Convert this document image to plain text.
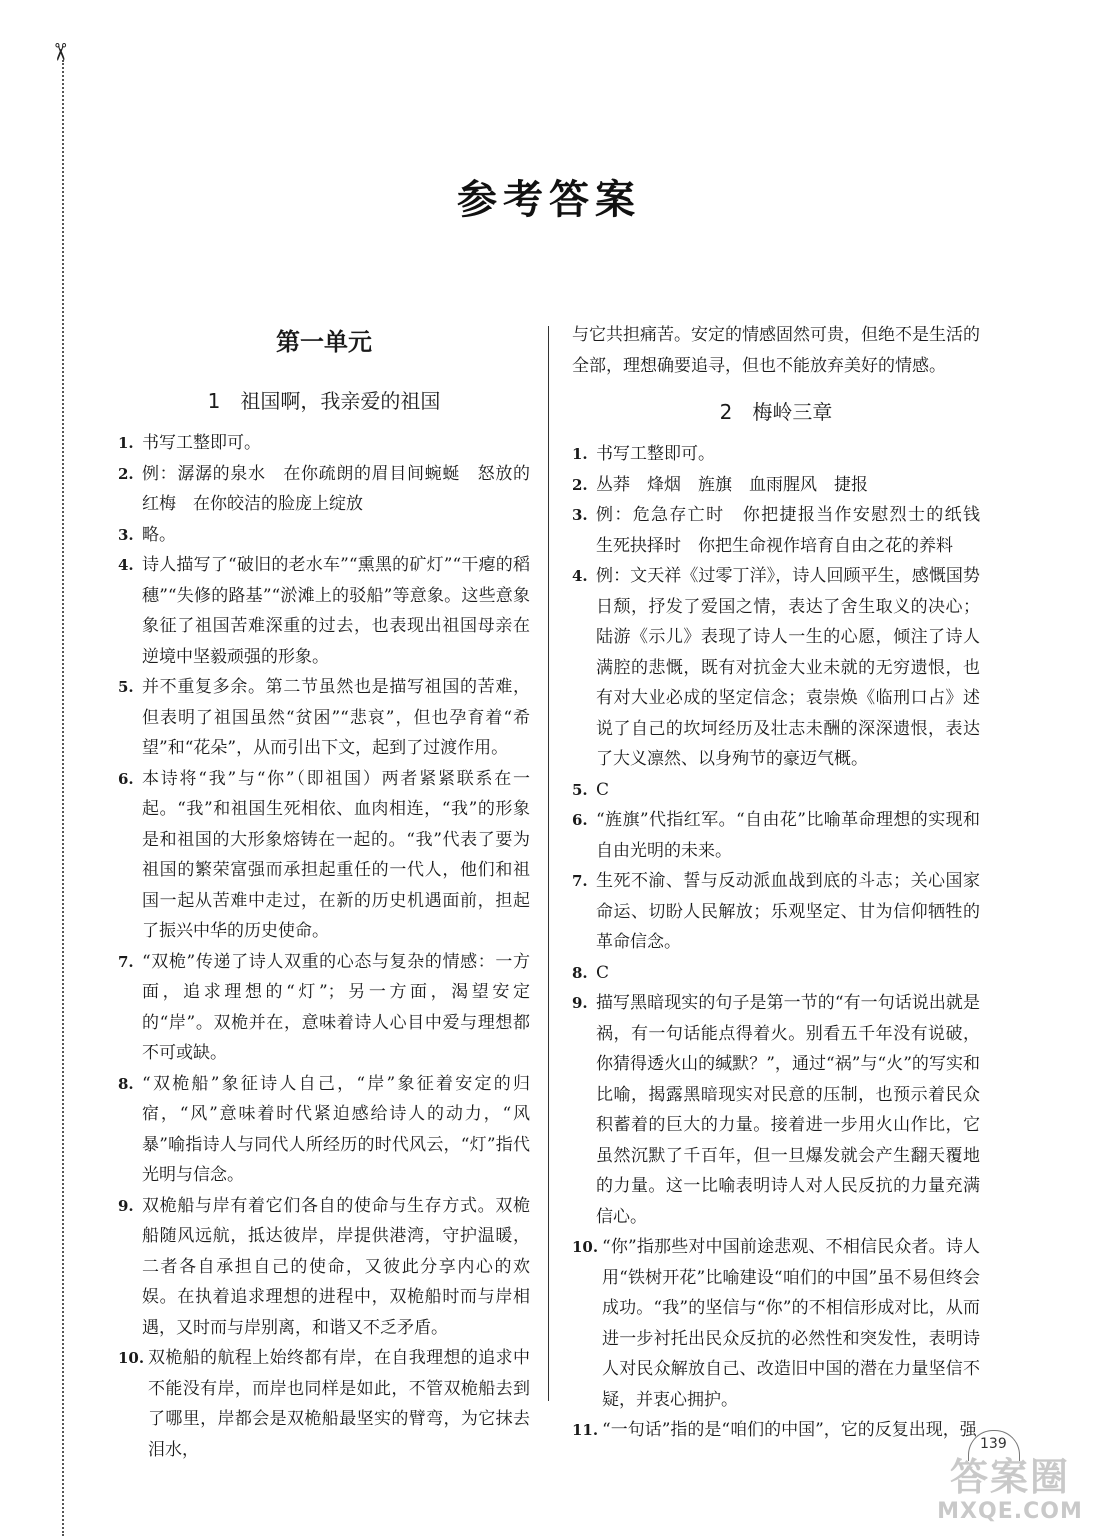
✂
参考答案
第一单元
1　祖国啊，我亲爱的祖国
1. 书写工整即可。
2. 例：潺潺的泉水　在你疏朗的眉目间蜿蜒　怒放的红梅　在你皎洁的脸庞上绽放
3. 略。
4. 诗人描写了“破旧的老水车”“熏黑的矿灯”“干瘪的稻穗”“失修的路基”“淤滩上的驳船”等意象。这些意象象征了祖国苦难深重的过去，也表现出祖国母亲在逆境中坚毅顽强的形象。
5. 并不重复多余。第二节虽然也是描写祖国的苦难，但表明了祖国虽然“贫困”“悲哀”，但也孕育着“希望”和“花朵”，从而引出下文，起到了过渡作用。
6. 本诗将“我”与“你”（即祖国）两者紧紧联系在一起。“我”和祖国生死相依、血肉相连，“我”的形象是和祖国的大形象熔铸在一起的。“我”代表了要为祖国的繁荣富强而承担起重任的一代人，他们和祖国一起从苦难中走过，在新的历史机遇面前，担起了振兴中华的历史使命。
7. “双桅”传递了诗人双重的心态与复杂的情感：一方面，追求理想的“灯”；另一方面，渴望安定的“岸”。双桅并在，意味着诗人心目中爱与理想都不可或缺。
8. “双桅船”象征诗人自己，“岸”象征着安定的归宿，“风”意味着时代紧迫感给诗人的动力，“风暴”喻指诗人与同代人所经历的时代风云，“灯”指代光明与信念。
9. 双桅船与岸有着它们各自的使命与生存方式。双桅船随风远航，抵达彼岸，岸提供港湾，守护温暖，二者各自承担自己的使命，又彼此分享内心的欢娱。在执着追求理想的进程中，双桅船时而与岸相遇，又时而与岸别离，和谐又不乏矛盾。
10. 双桅船的航程上始终都有岸，在自我理想的追求中不能没有岸，而岸也同样是如此，不管双桅船去到了哪里，岸都会是双桅船最坚实的臂弯，为它抹去泪水，
与它共担痛苦。安定的情感固然可贵，但绝不是生活的全部，理想确要追寻，但也不能放弃美好的情感。
2　梅岭三章
1. 书写工整即可。
2. 丛莽　烽烟　旌旗　血雨腥风　捷报
3. 例：危急存亡时　你把捷报当作安慰烈士的纸钱　生死抉择时　你把生命视作培育自由之花的养料
4. 例：文天祥《过零丁洋》，诗人回顾平生，感慨国势日颓，抒发了爱国之情，表达了舍生取义的决心；陆游《示儿》表现了诗人一生的心愿，倾注了诗人满腔的悲慨，既有对抗金大业未就的无穷遗恨，也有对大业必成的坚定信念；袁崇焕《临刑口占》述说了自己的坎坷经历及壮志未酬的深深遗恨，表达了大义凛然、以身殉节的豪迈气概。
5. C
6. “旌旗”代指红军。“自由花”比喻革命理想的实现和自由光明的未来。
7. 生死不渝、誓与反动派血战到底的斗志；关心国家命运、切盼人民解放；乐观坚定、甘为信仰牺牲的革命信念。
8. C
9. 描写黑暗现实的句子是第一节的“有一句话说出就是祸，有一句话能点得着火。别看五千年没有说破，你猜得透火山的缄默？”，通过“祸”与“火”的写实和比喻，揭露黑暗现实对民意的压制，也预示着民众积蓄着的巨大的力量。接着进一步用火山作比，它虽然沉默了千百年，但一旦爆发就会产生翻天覆地的力量。这一比喻表明诗人对人民反抗的力量充满信心。
10. “你”指那些对中国前途悲观、不相信民众者。诗人用“铁树开花”比喻建设“咱们的中国”虽不易但终会成功。“我”的坚信与“你”的不相信形成对比，从而进一步衬托出民众反抗的必然性和突发性，表明诗人对民众解放自己、改造旧中国的潜在力量坚信不疑，并衷心拥护。
11. “一句话”指的是“咱们的中国”，它的反复出现，强
139
答案圈
MXQE.COM
